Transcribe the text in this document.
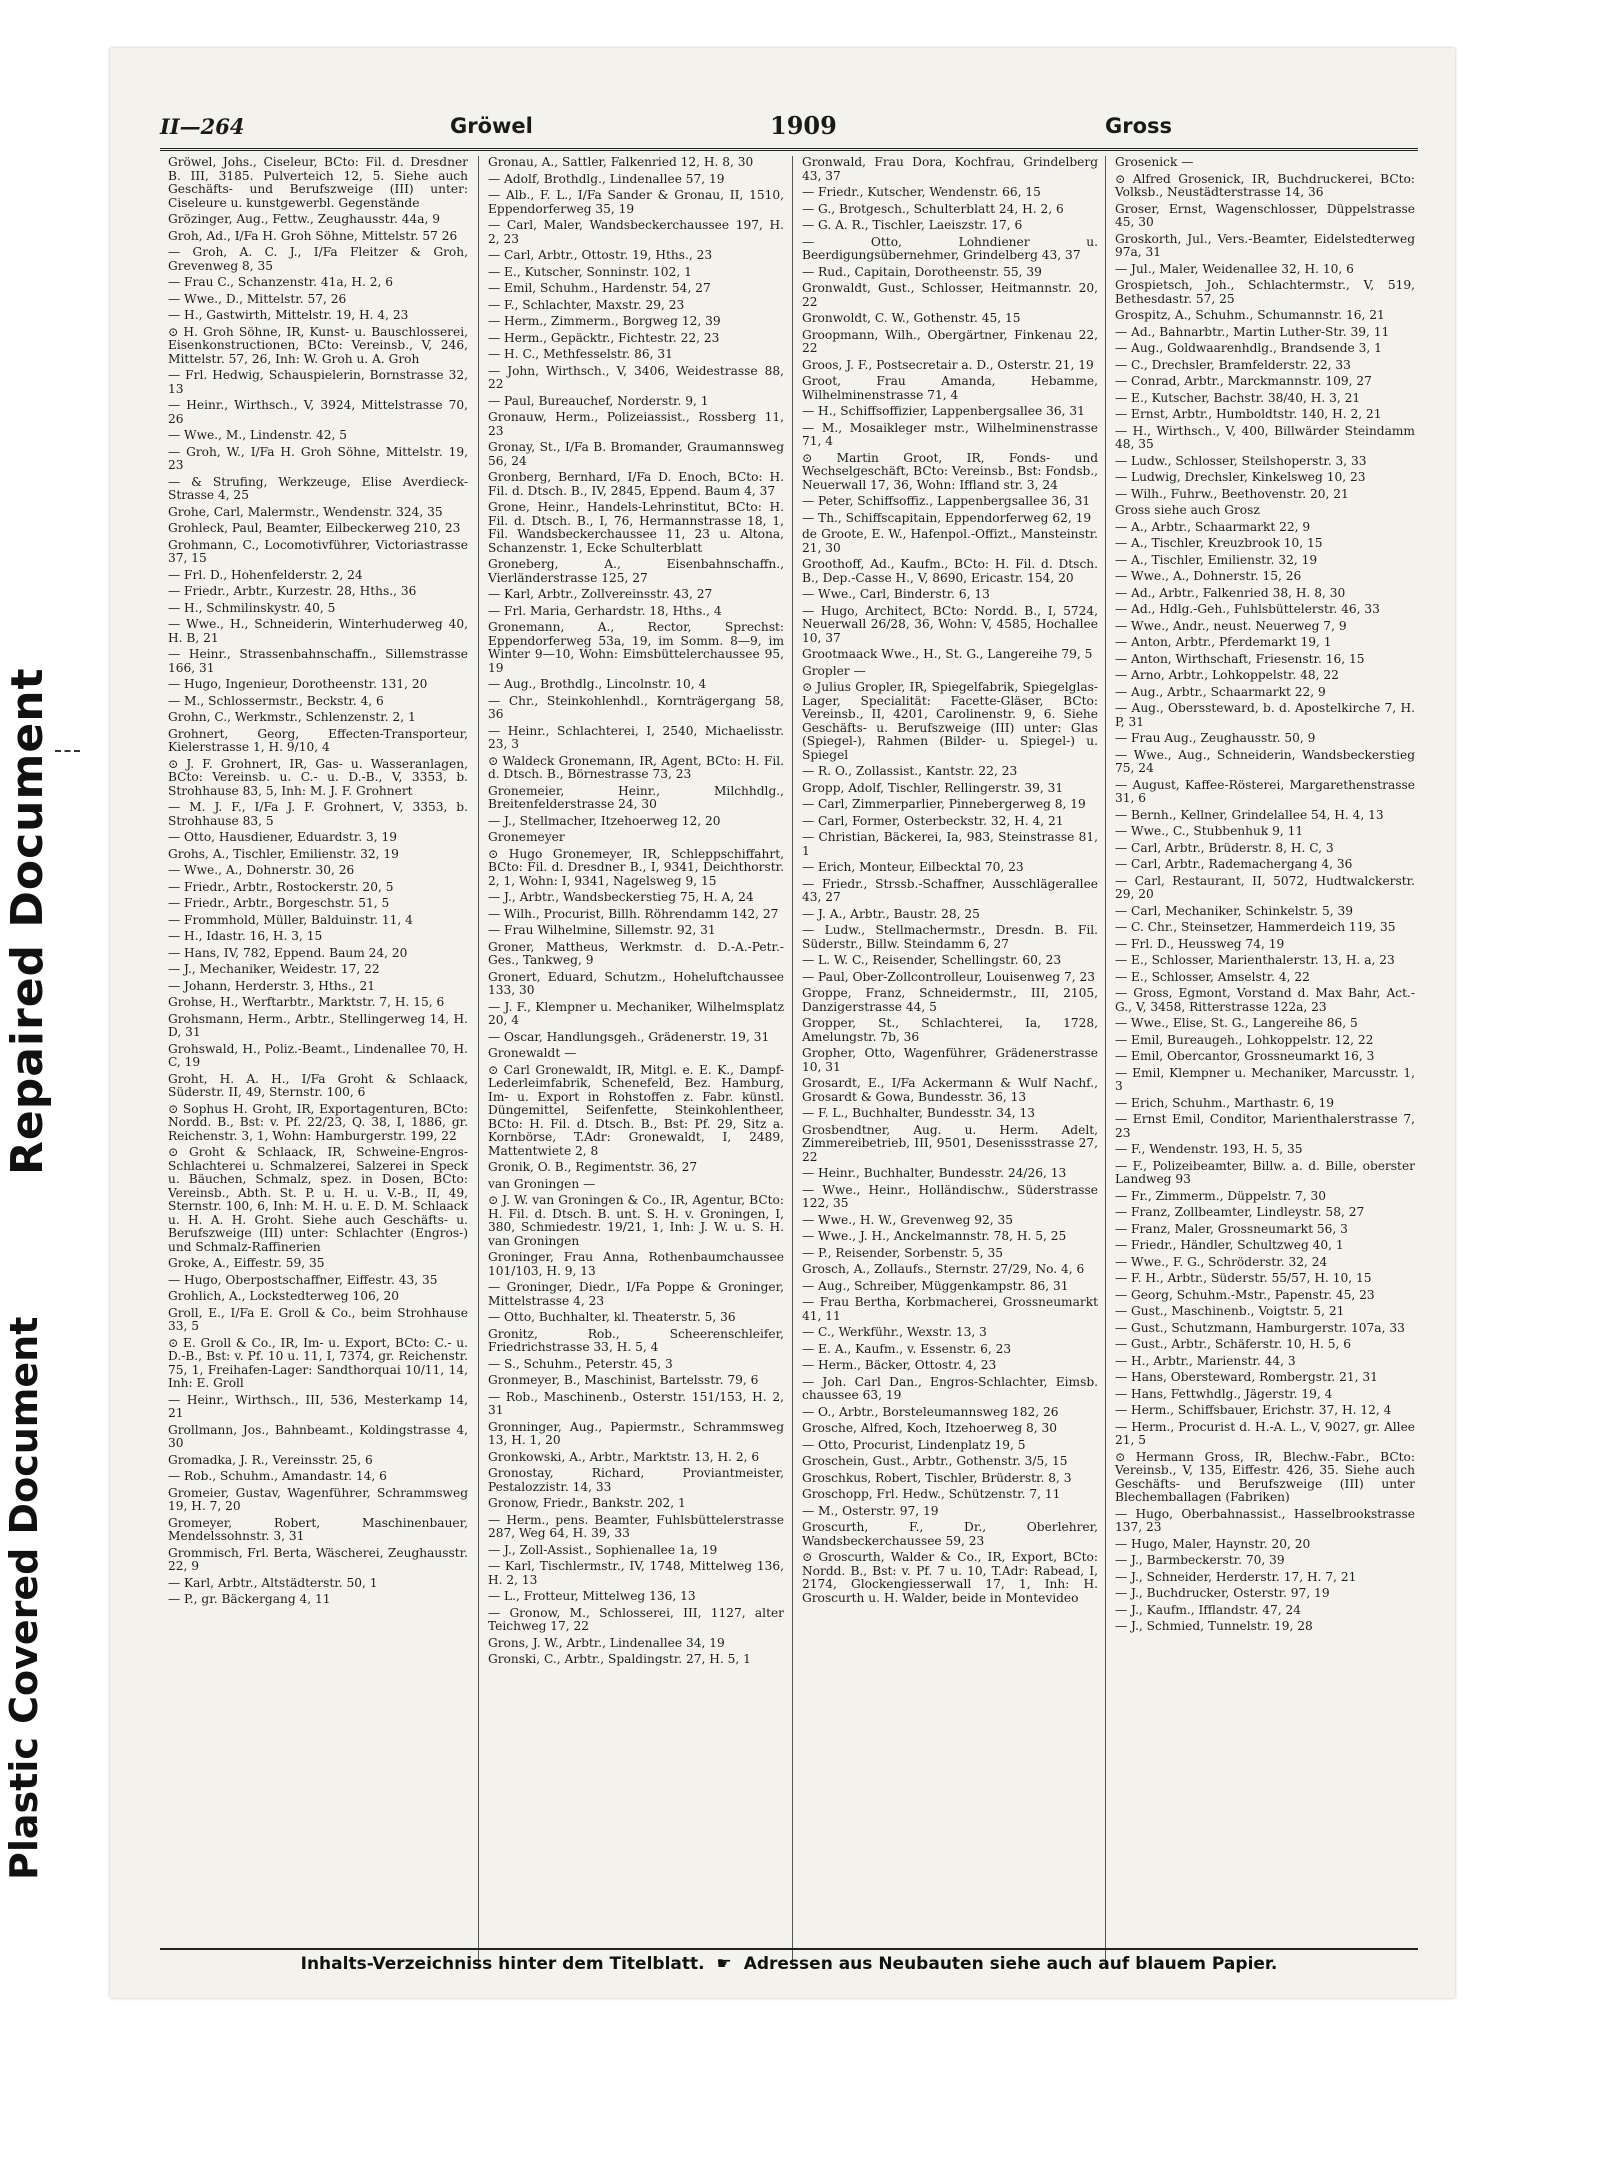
Repaired Document
Plastic Covered Document
II—264	Gröwel	1909	Gross
Gröwel, Johs., Ciseleur, BCto: Fil. d. Dresdner B. III, 3185. Pulverteich 12, 5. Siehe auch Geschäfts- und Berufszweige (III) unter: Ciseleure u. kunstgewerbl. Gegenstände
Grözinger, Aug., Fettw., Zeughausstr. 44a, 9
Groh, Ad., I/Fa H. Groh Söhne, Mittelstr. 57 26
— Groh, A. C. J., I/Fa Fleitzer & Groh, Grevenweg 8, 35
— Frau C., Schanzenstr. 41a, H. 2, 6
— Wwe., D., Mittelstr. 57, 26
— H., Gastwirth, Mittelstr. 19, H. 4, 23
⊙ H. Groh Söhne, IR, Kunst- u. Bauschlosserei, Eisenkonstructionen, BCto: Vereinsb., V, 246, Mittelstr. 57, 26, Inh: W. Groh u. A. Groh
— Frl. Hedwig, Schauspielerin, Bornstrasse 32, 13
— Heinr., Wirthsch., V, 3924, Mittelstrasse 70, 26
— Wwe., M., Lindenstr. 42, 5
— Groh, W., I/Fa H. Groh Söhne, Mittelstr. 19, 23
— & Strufing, Werkzeuge, Elise Averdieck-Strasse 4, 25
Grohe, Carl, Malermstr., Wendenstr. 324, 35
Grohleck, Paul, Beamter, Eilbeckerweg 210, 23
Grohmann, C., Locomotivführer, Victoriastrasse 37, 15
— Frl. D., Hohenfelderstr. 2, 24
— Friedr., Arbtr., Kurzestr. 28, Hths., 36
— H., Schmilinskystr. 40, 5
— Wwe., H., Schneiderin, Winterhuderweg 40, H. B, 21
— Heinr., Strassenbahnschaffn., Sillemstrasse 166, 31
— Hugo, Ingenieur, Dorotheenstr. 131, 20
— M., Schlossermstr., Beckstr. 4, 6
Grohn, C., Werkmstr., Schlenzenstr. 2, 1
Grohnert, Georg, Effecten-Transporteur, Kielerstrasse 1, H. 9/10, 4
⊙ J. F. Grohnert, IR, Gas- u. Wasseranlagen, BCto: Vereinsb. u. C.- u. D.-B., V, 3353, b. Strohhause 83, 5, Inh: M. J. F. Grohnert
— M. J. F., I/Fa J. F. Grohnert, V, 3353, b. Strohhause 83, 5
— Otto, Hausdiener, Eduardstr. 3, 19
Grohs, A., Tischler, Emilienstr. 32, 19
— Wwe., A., Dohnerstr. 30, 26
— Friedr., Arbtr., Rostockerstr. 20, 5
— Friedr., Arbtr., Borgeschstr. 51, 5
— Frommhold, Müller, Balduinstr. 11, 4
— H., Idastr. 16, H. 3, 15
— Hans, IV, 782, Eppend. Baum 24, 20
— J., Mechaniker, Weidestr. 17, 22
— Johann, Herderstr. 3, Hths., 21
Grohse, H., Werftarbtr., Marktstr. 7, H. 15, 6
Grohsmann, Herm., Arbtr., Stellingerweg 14, H. D, 31
Grohswald, H., Poliz.-Beamt., Lindenallee 70, H. C, 19
Groht, H. A. H., I/Fa Groht & Schlaack, Süderstr. II, 49, Sternstr. 100, 6
⊙ Sophus H. Groht, IR, Exportagenturen, BCto: Nordd. B., Bst: v. Pf. 22/23, Q. 38, I, 1886, gr. Reichenstr. 3, 1, Wohn: Hamburgerstr. 199, 22
⊙ Groht & Schlaack, IR, Schweine-Engros-Schlachterei u. Schmalzerei, Salzerei in Speck u. Bäuchen, Schmalz, spez. in Dosen, BCto: Vereinsb., Abth. St. P. u. H. u. V.-B., II, 49, Sternstr. 100, 6, Inh: M. H. u. E. D. M. Schlaack u. H. A. H. Groht. Siehe auch Geschäfts- u. Berufszweige (III) unter: Schlachter (Engros-) und Schmalz-Raffinerien
Groke, A., Eiffestr. 59, 35
— Hugo, Oberpostschaffner, Eiffestr. 43, 35
Grohlich, A., Lockstedterweg 106, 20
Groll, E., I/Fa E. Groll & Co., beim Strohhause 33, 5
⊙ E. Groll & Co., IR, Im- u. Export, BCto: C.- u. D.-B., Bst: v. Pf. 10 u. 11, I, 7374, gr. Reichenstr. 75, 1, Freihafen-Lager: Sandthorquai 10/11, 14, Inh: E. Groll
— Heinr., Wirthsch., III, 536, Mesterkamp 14, 21
Grollmann, Jos., Bahnbeamt., Koldingstrasse 4, 30
Gromadka, J. R., Vereinsstr. 25, 6
— Rob., Schuhm., Amandastr. 14, 6
Gromeier, Gustav, Wagenführer, Schrammsweg 19, H. 7, 20
Gromeyer, Robert, Maschinenbauer, Mendelssohnstr. 3, 31
Grommisch, Frl. Berta, Wäscherei, Zeughausstr. 22, 9
— Karl, Arbtr., Altstädterstr. 50, 1
— P., gr. Bäckergang 4, 11
Gronau, A., Sattler, Falkenried 12, H. 8, 30
— Adolf, Brothdlg., Lindenallee 57, 19
— Alb., F. L., I/Fa Sander & Gronau, II, 1510, Eppendorferweg 35, 19
— Carl, Maler, Wandsbeckerchaussee 197, H. 2, 23
— Carl, Arbtr., Ottostr. 19, Hths., 23
— E., Kutscher, Sonninstr. 102, 1
— Emil, Schuhm., Hardenstr. 54, 27
— F., Schlachter, Maxstr. 29, 23
— Herm., Zimmerm., Borgweg 12, 39
— Herm., Gepäcktr., Fichtestr. 22, 23
— H. C., Methfesselstr. 86, 31
— John, Wirthsch., V, 3406, Weidestrasse 88, 22
— Paul, Bureauchef, Norderstr. 9, 1
Gronauw, Herm., Polizeiassist., Rossberg 11, 23
Gronay, St., I/Fa B. Bromander, Graumannsweg 56, 24
Gronberg, Bernhard, I/Fa D. Enoch, BCto: H. Fil. d. Dtsch. B., IV, 2845, Eppend. Baum 4, 37
Grone, Heinr., Handels-Lehrinstitut, BCto: H. Fil. d. Dtsch. B., I, 76, Hermannstrasse 18, 1, Fil. Wandsbeckerchaussee 11, 23 u. Altona, Schanzenstr. 1, Ecke Schulterblatt
Groneberg, A., Eisenbahnschaffn., Vierländerstrasse 125, 27
— Karl, Arbtr., Zollvereinsstr. 43, 27
— Frl. Maria, Gerhardstr. 18, Hths., 4
Gronemann, A., Rector, Sprechst: Eppendorferweg 53a, 19, im Somm. 8—9, im Winter 9—10, Wohn: Eimsbüttelerchaussee 95, 19
— Aug., Brothdlg., Lincolnstr. 10, 4
— Chr., Steinkohlenhdl., Kornträgergang 58, 36
— Heinr., Schlachterei, I, 2540, Michaelisstr. 23, 3
⊙ Waldeck Gronemann, IR, Agent, BCto: H. Fil. d. Dtsch. B., Börnestrasse 73, 23
Gronemeier, Heinr., Milchhdlg., Breitenfelderstrasse 24, 30
— J., Stellmacher, Itzehoerweg 12, 20
Gronemeyer
⊙ Hugo Gronemeyer, IR, Schleppschiffahrt, BCto: Fil. d. Dresdner B., I, 9341, Deichthorstr. 2, 1, Wohn: I, 9341, Nagelsweg 9, 15
— J., Arbtr., Wandsbeckerstieg 75, H. A, 24
— Wilh., Procurist, Billh. Röhrendamm 142, 27
— Frau Wilhelmine, Sillemstr. 92, 31
Groner, Mattheus, Werkmstr. d. D.-A.-Petr.-Ges., Tankweg, 9
Gronert, Eduard, Schutzm., Hoheluftchaussee 133, 30
— J. F., Klempner u. Mechaniker, Wilhelmsplatz 20, 4
— Oscar, Handlungsgeh., Grädenerstr. 19, 31
Gronewaldt —
⊙ Carl Gronewaldt, IR, Mitgl. e. E. K., Dampf-Lederleimfabrik, Schenefeld, Bez. Hamburg, Im- u. Export in Rohstoffen z. Fabr. künstl. Düngemittel, Seifenfette, Steinkohlentheer, BCto: H. Fil. d. Dtsch. B., Bst: Pf. 29, Sitz a. Kornbörse, T.Adr: Gronewaldt, I, 2489, Mattentwiete 2, 8
Gronik, O. B., Regimentstr. 36, 27
van Groningen —
⊙ J. W. van Groningen & Co., IR, Agentur, BCto: H. Fil. d. Dtsch. B. unt. S. H. v. Groningen, I, 380, Schmiedestr. 19/21, 1, Inh: J. W. u. S. H. van Groningen
Groninger, Frau Anna, Rothenbaumchaussee 101/103, H. 9, 13
— Groninger, Diedr., I/Fa Poppe & Groninger, Mittelstrasse 4, 23
— Otto, Buchhalter, kl. Theaterstr. 5, 36
Gronitz, Rob., Scheerenschleifer, Friedrichstrasse 33, H. 5, 4
— S., Schuhm., Peterstr. 45, 3
Gronmeyer, B., Maschinist, Bartelsstr. 79, 6
— Rob., Maschinenb., Osterstr. 151/153, H. 2, 31
Gronninger, Aug., Papiermstr., Schrammsweg 13, H. 1, 20
Gronkowski, A., Arbtr., Marktstr. 13, H. 2, 6
Gronostay, Richard, Proviantmeister, Pestalozzistr. 14, 33
Gronow, Friedr., Bankstr. 202, 1
— Herm., pens. Beamter, Fuhlsbüttelerstrasse 287, Weg 64, H. 39, 33
— J., Zoll-Assist., Sophienallee 1a, 19
— Karl, Tischlermstr., IV, 1748, Mittelweg 136, H. 2, 13
— L., Frotteur, Mittelweg 136, 13
— Gronow, M., Schlosserei, III, 1127, alter Teichweg 17, 22
Grons, J. W., Arbtr., Lindenallee 34, 19
Gronski, C., Arbtr., Spaldingstr. 27, H. 5, 1
Gronwald, Frau Dora, Kochfrau, Grindelberg 43, 37
— Friedr., Kutscher, Wendenstr. 66, 15
— G., Brotgesch., Schulterblatt 24, H. 2, 6
— G. A. R., Tischler, Laeiszstr. 17, 6
— Otto, Lohndiener u. Beerdigungsübernehmer, Grindelberg 43, 37
— Rud., Capitain, Dorotheenstr. 55, 39
Gronwaldt, Gust., Schlosser, Heitmannstr. 20, 22
Gronwoldt, C. W., Gothenstr. 45, 15
Groopmann, Wilh., Obergärtner, Finkenau 22, 22
Groos, J. F., Postsecretair a. D., Osterstr. 21, 19
Groot, Frau Amanda, Hebamme, Wilhelminenstrasse 71, 4
— H., Schiffsoffizier, Lappenbergsallee 36, 31
— M., Mosaikleger mstr., Wilhelminenstrasse 71, 4
⊙ Martin Groot, IR, Fonds- und Wechselgeschäft, BCto: Vereinsb., Bst: Fondsb., Neuerwall 17, 36, Wohn: Iffland str. 3, 24
— Peter, Schiffsoffiz., Lappenbergsallee 36, 31
— Th., Schiffscapitain, Eppendorferweg 62, 19
de Groote, E. W., Hafenpol.-Offizt., Mansteinstr. 21, 30
Groothoff, Ad., Kaufm., BCto: H. Fil. d. Dtsch. B., Dep.-Casse H., V, 8690, Ericastr. 154, 20
— Wwe., Carl, Binderstr. 6, 13
— Hugo, Architect, BCto: Nordd. B., I, 5724, Neuerwall 26/28, 36, Wohn: V, 4585, Hochallee 10, 37
Grootmaack Wwe., H., St. G., Langereihe 79, 5
Gropler —
⊙ Julius Gropler, IR, Spiegelfabrik, Spiegelglas-Lager, Specialität: Facette-Gläser, BCto: Vereinsb., II, 4201, Carolinenstr. 9, 6. Siehe Geschäfts- u. Berufszweige (III) unter: Glas (Spiegel-), Rahmen (Bilder- u. Spiegel-) u. Spiegel
— R. O., Zollassist., Kantstr. 22, 23
Gropp, Adolf, Tischler, Rellingerstr. 39, 31
— Carl, Zimmerparlier, Pinnebergerweg 8, 19
— Carl, Former, Osterbeckstr. 32, H. 4, 21
— Christian, Bäckerei, Ia, 983, Steinstrasse 81, 1
— Erich, Monteur, Eilbecktal 70, 23
— Friedr., Strssb.-Schaffner, Ausschlägerallee 43, 27
— J. A., Arbtr., Baustr. 28, 25
— Ludw., Stellmachermstr., Dresdn. B. Fil. Süderstr., Billw. Steindamm 6, 27
— L. W. C., Reisender, Schellingstr. 60, 23
— Paul, Ober-Zollcontrolleur, Louisenweg 7, 23
Groppe, Franz, Schneidermstr., III, 2105, Danzigerstrasse 44, 5
Gropper, St., Schlachterei, Ia, 1728, Amelungstr. 7b, 36
Gropher, Otto, Wagenführer, Grädenerstrasse 10, 31
Grosardt, E., I/Fa Ackermann & Wulf Nachf., Grosardt & Gowa, Bundesstr. 36, 13
— F. L., Buchhalter, Bundesstr. 34, 13
Grosbendtner, Aug. u. Herm. Adelt, Zimmereibetrieb, III, 9501, Desenissstrasse 27, 22
— Heinr., Buchhalter, Bundesstr. 24/26, 13
— Wwe., Heinr., Holländischw., Süderstrasse 122, 35
— Wwe., H. W., Grevenweg 92, 35
— Wwe., J. H., Anckelmannstr. 78, H. 5, 25
— P., Reisender, Sorbenstr. 5, 35
Grosch, A., Zollaufs., Sternstr. 27/29, No. 4, 6
— Aug., Schreiber, Müggenkampstr. 86, 31
— Frau Bertha, Korbmacherei, Grossneumarkt 41, 11
— C., Werkführ., Wexstr. 13, 3
— E. A., Kaufm., v. Essenstr. 6, 23
— Herm., Bäcker, Ottostr. 4, 23
— Joh. Carl Dan., Engros-Schlachter, Eimsb. chaussee 63, 19
— O., Arbtr., Borsteleumannsweg 182, 26
Grosche, Alfred, Koch, Itzehoerweg 8, 30
— Otto, Procurist, Lindenplatz 19, 5
Groschein, Gust., Arbtr., Gothenstr. 3/5, 15
Groschkus, Robert, Tischler, Brüderstr. 8, 3
Groschopp, Frl. Hedw., Schützenstr. 7, 11
— M., Osterstr. 97, 19
Groscurth, F., Dr., Oberlehrer, Wandsbeckerchaussee 59, 23
⊙ Groscurth, Walder & Co., IR, Export, BCto: Nordd. B., Bst: v. Pf. 7 u. 10, T.Adr: Rabead, I, 2174, Glockengiesserwall 17, 1, Inh: H. Groscurth u. H. Walder, beide in Montevideo
Grosenick —
⊙ Alfred Grosenick, IR, Buchdruckerei, BCto: Volksb., Neustädterstrasse 14, 36
Groser, Ernst, Wagenschlosser, Düppelstrasse 45, 30
Groskorth, Jul., Vers.-Beamter, Eidelstedterweg 97a, 31
— Jul., Maler, Weidenallee 32, H. 10, 6
Grospietsch, Joh., Schlachtermstr., V, 519, Bethesdastr. 57, 25
Grospitz, A., Schuhm., Schumannstr. 16, 21
— Ad., Bahnarbtr., Martin Luther-Str. 39, 11
— Aug., Goldwaarenhdlg., Brandsende 3, 1
— C., Drechsler, Bramfelderstr. 22, 33
— Conrad, Arbtr., Marckmannstr. 109, 27
— E., Kutscher, Bachstr. 38/40, H. 3, 21
— Ernst, Arbtr., Humboldtstr. 140, H. 2, 21
— H., Wirthsch., V, 400, Billwärder Steindamm 48, 35
— Ludw., Schlosser, Steilshoperstr. 3, 33
— Ludwig, Drechsler, Kinkelsweg 10, 23
— Wilh., Fuhrw., Beethovenstr. 20, 21
Gross siehe auch Grosz
— A., Arbtr., Schaarmarkt 22, 9
— A., Tischler, Kreuzbrook 10, 15
— A., Tischler, Emilienstr. 32, 19
— Wwe., A., Dohnerstr. 15, 26
— Ad., Arbtr., Falkenried 38, H. 8, 30
— Ad., Hdlg.-Geh., Fuhlsbüttelerstr. 46, 33
— Wwe., Andr., neust. Neuerweg 7, 9
— Anton, Arbtr., Pferdemarkt 19, 1
— Anton, Wirthschaft, Friesenstr. 16, 15
— Arno, Arbtr., Lohkoppelstr. 48, 22
— Aug., Arbtr., Schaarmarkt 22, 9
— Aug., Oberssteward, b. d. Apostelkirche 7, H. P, 31
— Frau Aug., Zeughausstr. 50, 9
— Wwe., Aug., Schneiderin, Wandsbeckerstieg 75, 24
— August, Kaffee-Rösterei, Margarethenstrasse 31, 6
— Bernh., Kellner, Grindelallee 54, H. 4, 13
— Wwe., C., Stubbenhuk 9, 11
— Carl, Arbtr., Brüderstr. 8, H. C, 3
— Carl, Arbtr., Rademachergang 4, 36
— Carl, Restaurant, II, 5072, Hudtwalckerstr. 29, 20
— Carl, Mechaniker, Schinkelstr. 5, 39
— C. Chr., Steinsetzer, Hammerdeich 119, 35
— Frl. D., Heussweg 74, 19
— E., Schlosser, Marienthalerstr. 13, H. a, 23
— E., Schlosser, Amselstr. 4, 22
— Gross, Egmont, Vorstand d. Max Bahr, Act.-G., V, 3458, Ritterstrasse 122a, 23
— Wwe., Elise, St. G., Langereihe 86, 5
— Emil, Bureaugeh., Lohkoppelstr. 12, 22
— Emil, Obercantor, Grossneumarkt 16, 3
— Emil, Klempner u. Mechaniker, Marcusstr. 1, 3
— Erich, Schuhm., Marthastr. 6, 19
— Ernst Emil, Conditor, Marienthalerstrasse 7, 23
— F., Wendenstr. 193, H. 5, 35
— F., Polizeibeamter, Billw. a. d. Bille, oberster Landweg 93
— Fr., Zimmerm., Düppelstr. 7, 30
— Franz, Zollbeamter, Lindleystr. 58, 27
— Franz, Maler, Grossneumarkt 56, 3
— Friedr., Händler, Schultzweg 40, 1
— Wwe., F. G., Schröderstr. 32, 24
— F. H., Arbtr., Süderstr. 55/57, H. 10, 15
— Georg, Schuhm.-Mstr., Papenstr. 45, 23
— Gust., Maschinenb., Voigtstr. 5, 21
— Gust., Schutzmann, Hamburgerstr. 107a, 33
— Gust., Arbtr., Schäferstr. 10, H. 5, 6
— H., Arbtr., Marienstr. 44, 3
— Hans, Obersteward, Rombergstr. 21, 31
— Hans, Fettwhdlg., Jägerstr. 19, 4
— Herm., Schiffsbauer, Erichstr. 37, H. 12, 4
— Herm., Procurist d. H.-A. L., V, 9027, gr. Allee 21, 5
⊙ Hermann Gross, IR, Blechw.-Fabr., BCto: Vereinsb., V, 135, Eiffestr. 426, 35. Siehe auch Geschäfts- und Berufszweige (III) unter Blechemballagen (Fabriken)
— Hugo, Oberbahnassist., Hasselbrookstrasse 137, 23
— Hugo, Maler, Haynstr. 20, 20
— J., Barmbeckerstr. 70, 39
— J., Schneider, Herderstr. 17, H. 7, 21
— J., Buchdrucker, Osterstr. 97, 19
— J., Kaufm., Ifflandstr. 47, 24
— J., Schmied, Tunnelstr. 19, 28
Inhalts-Verzeichniss hinter dem Titelblatt. ☛ Adressen aus Neubauten siehe auch auf blauem Papier.
